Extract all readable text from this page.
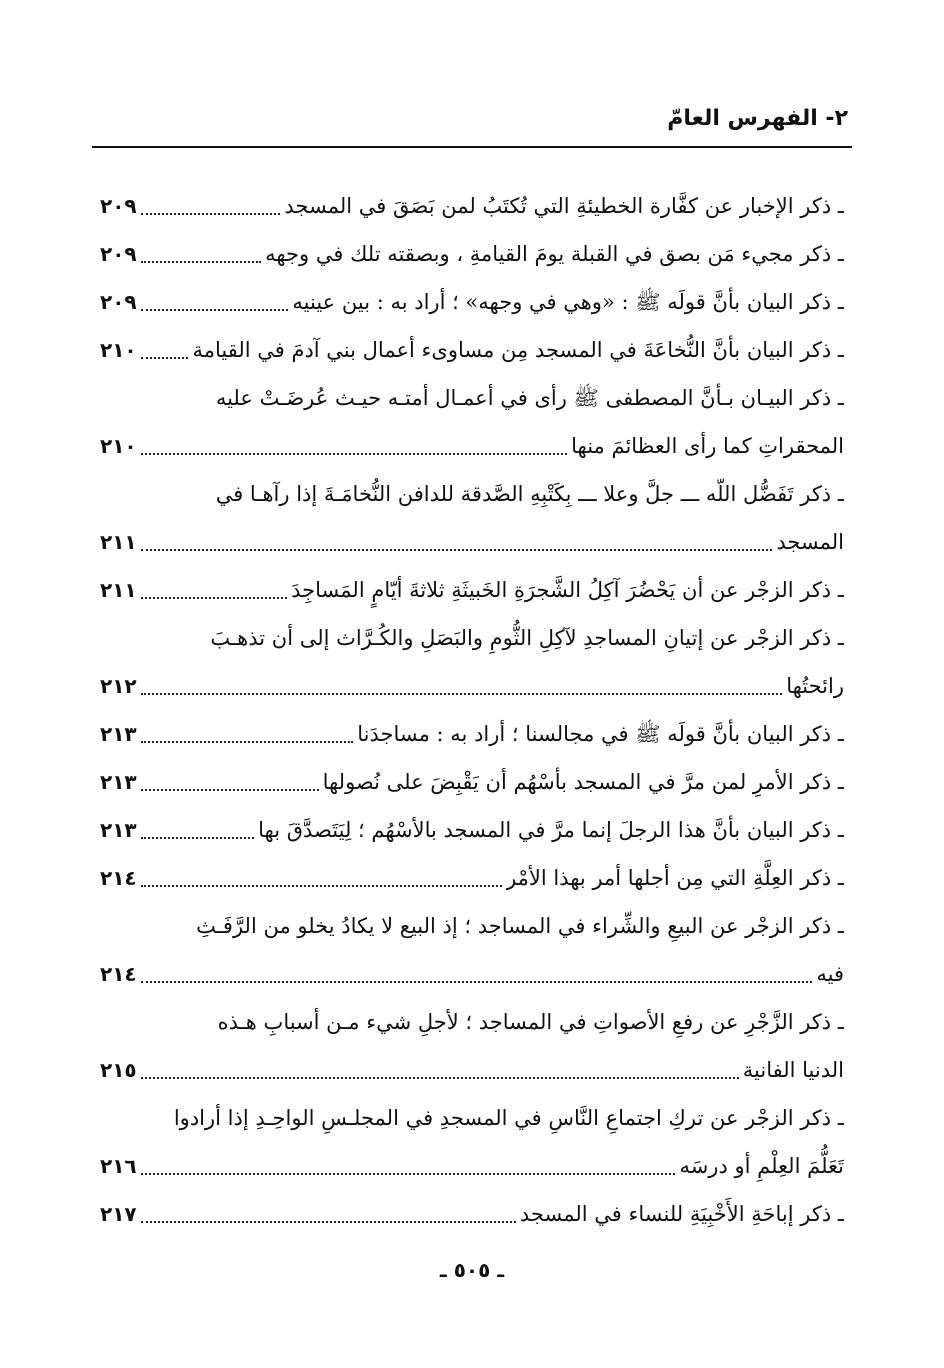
٢- الفهرس العامّ
ـ ذكر الإخبار عن كفَّارة الخطيئةِ التي تُكتَبُ لمن بَصَقَ في المسجد
٢٠٩
ـ ذكر مجيء مَن بصق في القبلة يومَ القيامةِ ، وبصقته تلك في وجهه
٢٠٩
ـ ذكر البيان بأنَّ قولَه ﷺ : «وهي في وجهه» ؛ أراد به : بين عينيه
٢٠٩
ـ ذكر البيان بأنَّ النُّخاعَةَ في المسجد مِن مساوىء أعمال بني آدمَ في القيامة
٢١٠
ـ ذكر البيـان بـأنَّ المصطفى ﷺ رأى في أعمـال أمتـه حيـث عُرضَـتْ عليه
المحقراتِ كما رأى العظائمَ منها
٢١٠
ـ ذكر تَفَضُّل اللّه ـــ جلَّ وعلا ـــ بِكَتْبِهِ الصَّدقة للدافن النُّخامَـةَ إذا رآهـا في
المسجد
٢١١
ـ ذكر الزجْر عن أن يَحْضُرَ آكِلُ الشَّجرَةِ الخَبيثَةِ ثلاثةَ أيّامٍ المَساجِدَ
٢١١
ـ ذكر الزجْر عن إتيانِ المساجدِ لآكِلِ الثُّومِ والبَصَلِ والكُـرَّاث إلى أن تذهـبَ
رائحتُها
٢١٢
ـ ذكر البيان بأنَّ قولَه ﷺ في مجالسنا ؛ أراد به : مساجدَنا
٢١٣
ـ ذكر الأمرِ لمن مرَّ في المسجد بأسْهُم أن يَقْبِضَ على نُصولها
٢١٣
ـ ذكر البيان بأنَّ هذا الرجلَ إنما مرَّ في المسجد بالأسْهُم ؛ لِيَتَصدَّقَ بها
٢١٣
ـ ذكر العِلَّةِ التي مِن أجلها أمر بهذا الأمْر
٢١٤
ـ ذكر الزجْر عن البيعِ والشِّراء في المساجد ؛ إذ البيع لا يكادُ يخلو من الرَّفَـثِ
فيه
٢١٤
ـ ذكر الزَّجْرِ عن رفعِ الأصواتِ في المساجد ؛ لأجلِ شيء مـن أسبابِ هـذه
الدنيا الفانية
٢١٥
ـ ذكر الزجْر عن تركِ اجتماعِ النَّاسِ في المسجدِ في المجلـسِ الواحِـدِ إذا أرادوا
تَعَلُّمَ العِلْمِ أو درسَه
٢١٦
ـ ذكر إباحَةِ الأَخْبِيَةِ للنساء في المسجد
٢١٧
ـ ٥٠٥ ـ
